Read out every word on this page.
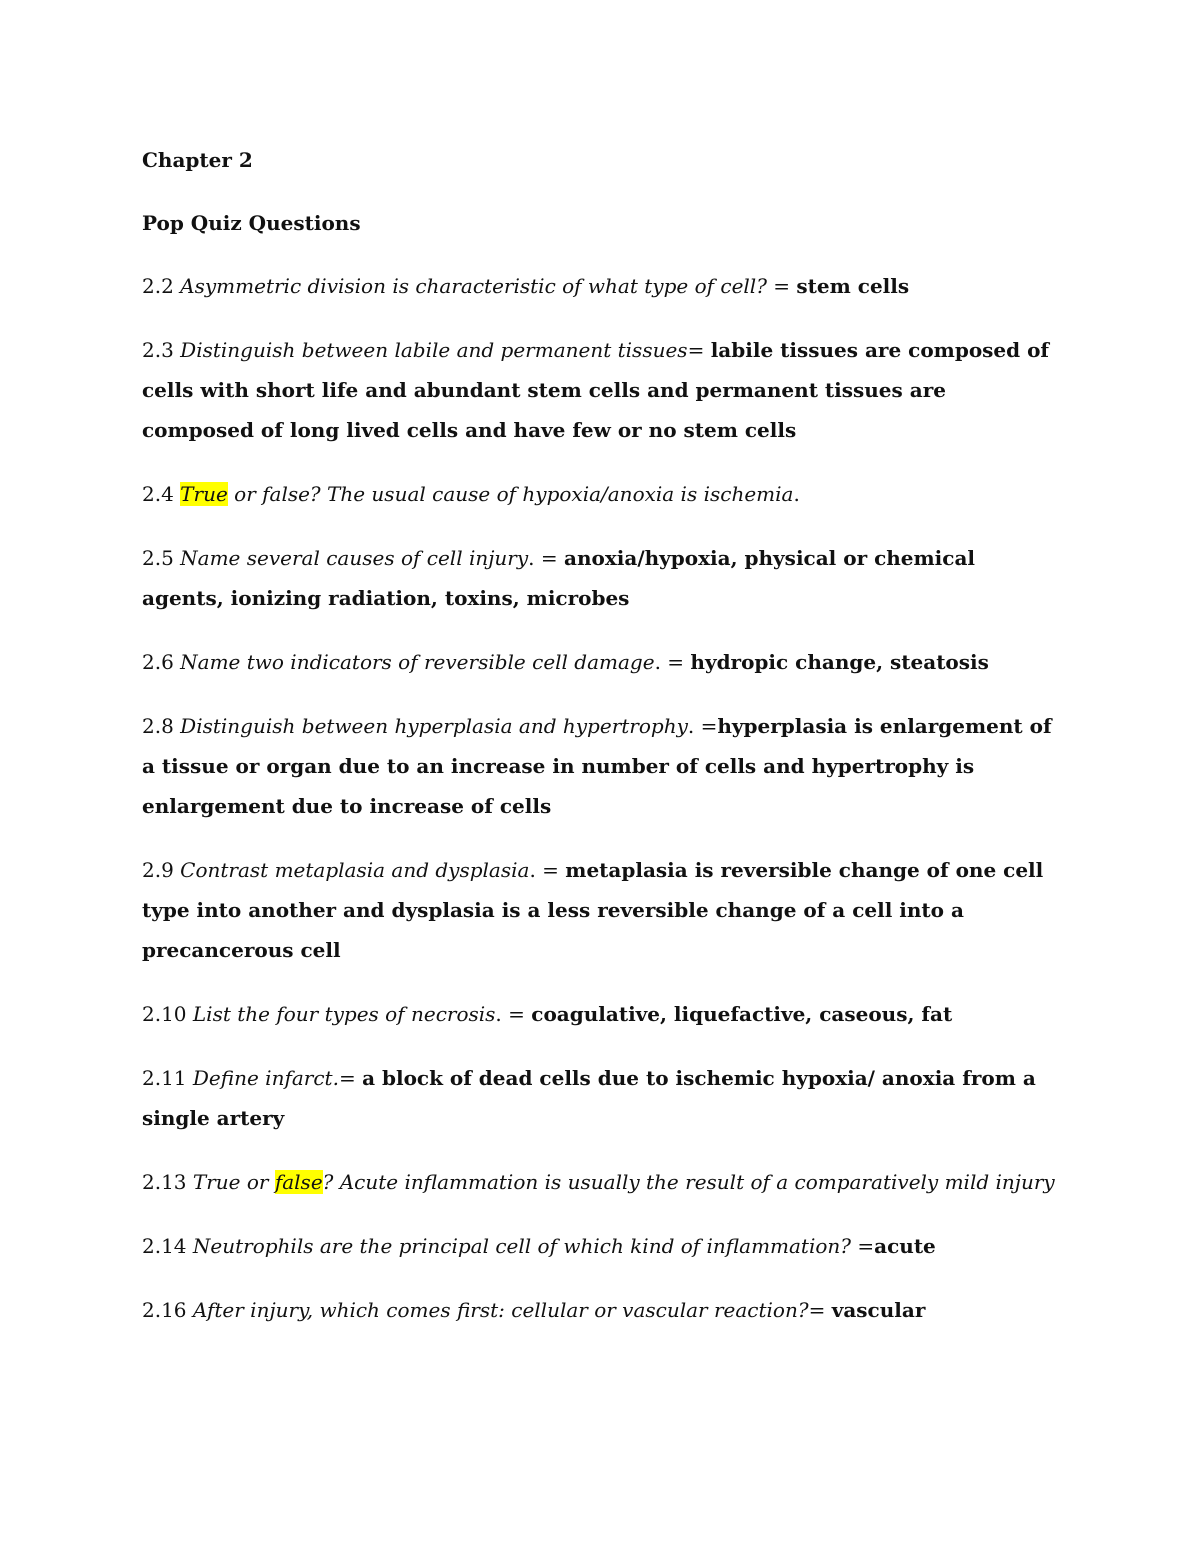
Chapter 2
Pop Quiz Questions
2.2 Asymmetric division is characteristic of what type of cell? = stem cells
2.3 Distinguish between labile and permanent tissues= labile tissues are composed of cells with short life and abundant stem cells and permanent tissues are composed of long lived cells and have few or no stem cells
2.4 True or false? The usual cause of hypoxia/anoxia is ischemia.
2.5 Name several causes of cell injury. = anoxia/hypoxia, physical or chemical agents, ionizing radiation, toxins, microbes
2.6 Name two indicators of reversible cell damage. = hydropic change, steatosis
2.8 Distinguish between hyperplasia and hypertrophy. =hyperplasia is enlargement of a tissue or organ due to an increase in number of cells and hypertrophy is enlargement due to increase of cells
2.9 Contrast metaplasia and dysplasia. = metaplasia is reversible change of one cell type into another and dysplasia is a less reversible change of a cell into a precancerous cell
2.10 List the four types of necrosis. = coagulative, liquefactive, caseous, fat
2.11 Define infarct.= a block of dead cells due to ischemic hypoxia/ anoxia from a single artery
2.13 True or false? Acute inflammation is usually the result of a comparatively mild injury
2.14 Neutrophils are the principal cell of which kind of inflammation? =acute
2.16 After injury, which comes first: cellular or vascular reaction?= vascular
